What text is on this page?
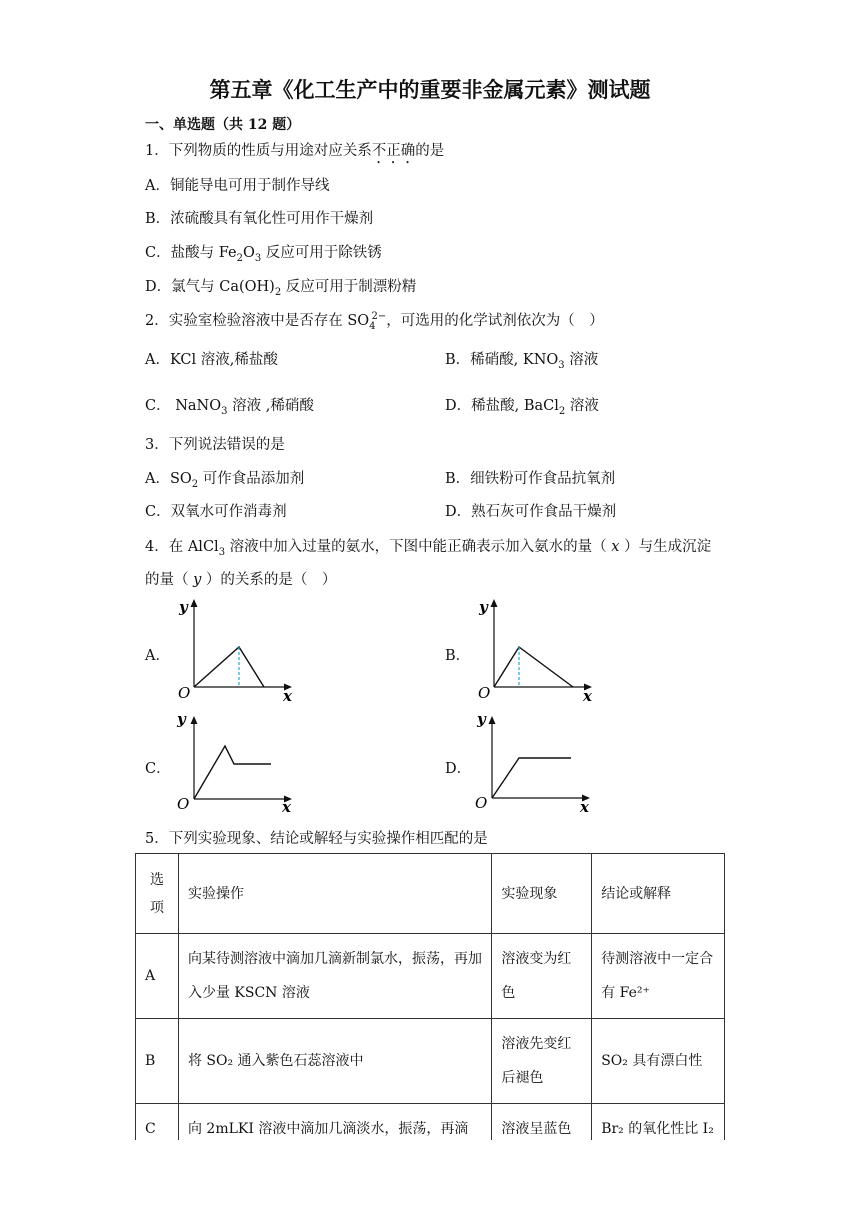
第五章《化工生产中的重要非金属元素》测试题
一、单选题（共 12 题）
1．下列物质的性质与用途对应关系不正确的是
A．铜能导电可用于制作导线
B．浓硫酸具有氧化性可用作干燥剂
C．盐酸与 $Fe_2O_3$ 反应可用于除铁锈
D．氯气与 $Ca(OH)_2$ 反应可用于制漂粉精
2．实验室检验溶液中是否存在 $SO_4^{2-}$，可选用的化学试剂依次为（　）
A．KCl 溶液,稀盐酸	B．稀硝酸, $KNO_3$ 溶液
C． NaNO$_3$ 溶液 ,稀硝酸	D．稀盐酸, BaCl$_2$ 溶液
3．下列说法错误的是
A．$SO_2$ 可作食品添加剂	B．细铁粉可作食品抗氧剂
C．双氧水可作消毒剂	D．熟石灰可作食品干燥剂
4．在 AlCl$_3$ 溶液中加入过量的氨水，下图中能正确表示加入氨水的量（ x ）与生成沉淀
的量（ y ）的关系的是（　）
A．	B．
C．	D．
y
O	x
y
O	x
y
O	x
y
O	x
5．下列实验现象、结论或解轻与实验操作相匹配的是
选项	实验操作	实验现象	结论或解释
A	向某待测溶液中滴加几滴新制氯水，振荡，再加入少量 KSCN 溶液	溶液变为红色	待测溶液中一定合有 Fe²⁺
B	将 SO₂ 通入紫色石蕊溶液中	溶液先变红后褪色	SO₂ 具有漂白性
C	向 2mLKI 溶液中滴加几滴淡水，振荡，再滴	溶液呈蓝色	Br₂ 的氧化性比 I₂
